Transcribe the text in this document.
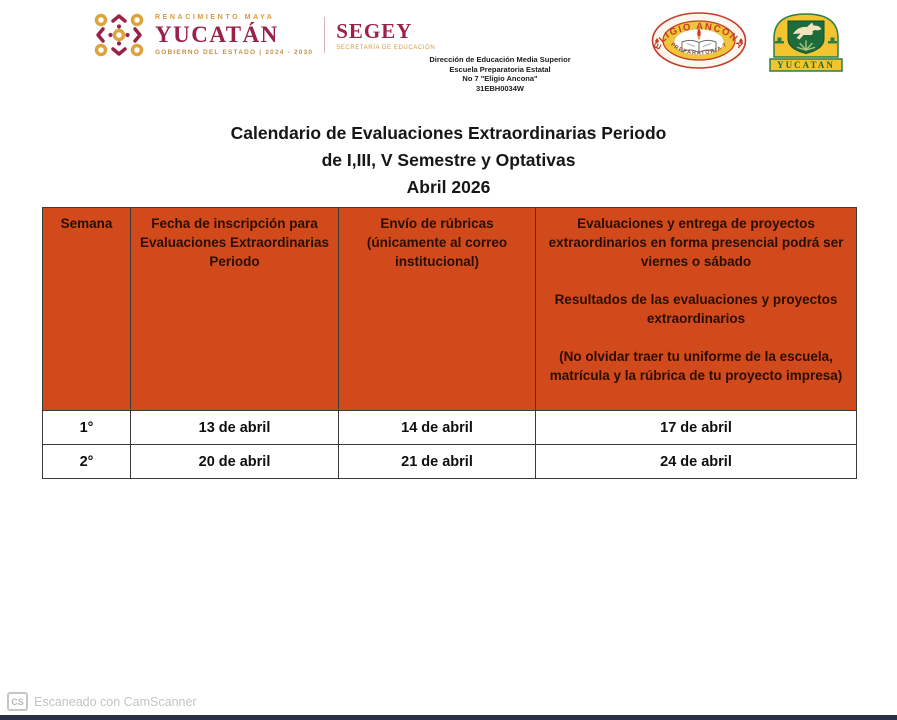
RENACIMIENTO MAYA
YUCATÁN
GOBIERNO DEL ESTADO | 2024 - 2030
SEGEY
SECRETARÍA DE EDUCACIÓN
Dirección de Educación Media Superior
Escuela Preparatoria Estatal
No 7 "Eligio Ancona"
31EBH0034W
ELIGIO ANCONA
PREPARATORIA 7
YUCATAN
Calendario de Evaluaciones Extraordinarias Periodo
de I,III, V Semestre y Optativas
Abril 2026

Semana	Fecha de inscripción para Evaluaciones Extraordinarias Periodo	Envío de rúbricas (únicamente al correo institucional)	Evaluaciones y entrega de proyectos extraordinarios en forma presencial podrá ser viernes o sábado

Resultados de las evaluaciones y proyectos extraordinarios

(No olvidar traer tu uniforme de la escuela, matrícula y la rúbrica de tu proyecto impresa)

1°	13 de abril	14 de abril	17 de abril
2°	20 de abril	21 de abril	24 de abril
CS Escaneado con CamScanner
